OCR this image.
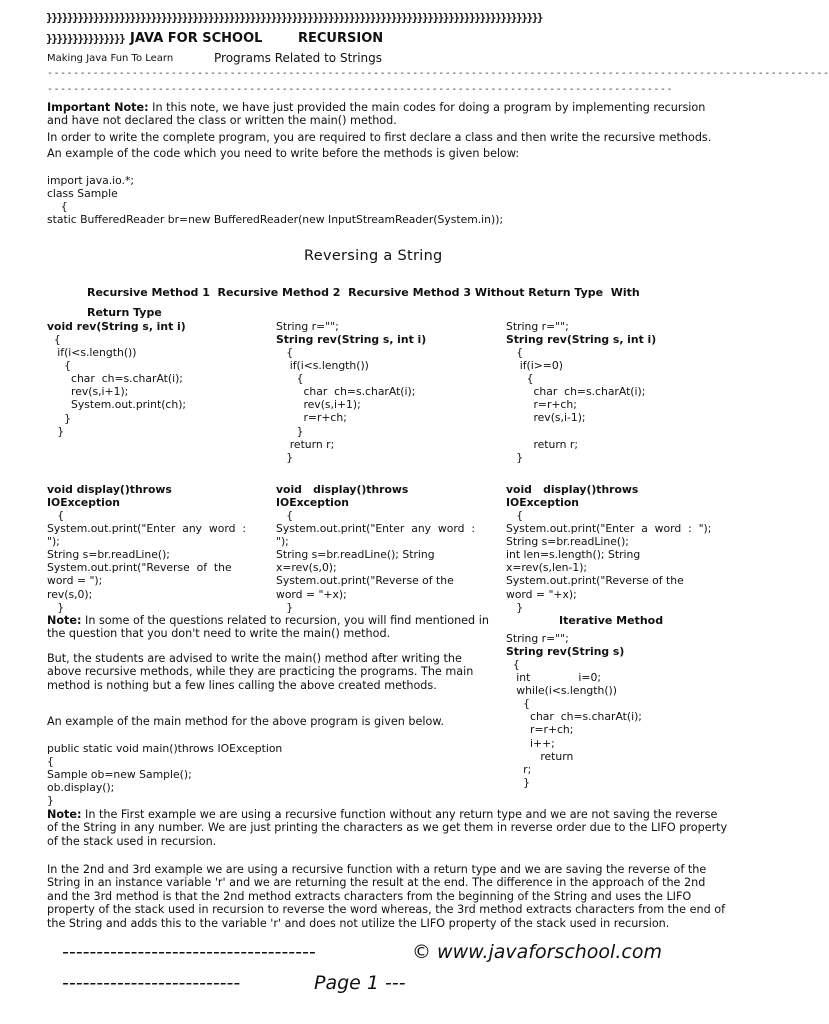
}}}}}}}}}}}}}}}}}}}}}}}}}}}}}}}}}}}}}}}}}}}}}}}}}}}}}}}}}}}}}}}}}}}}}}}}}}}}}}}}}}}}}}}}}}}}}}}
}}}}}}}}}}}}}}} JAVA FOR SCHOOL	RECURSION
Making Java Fun To Learn	Programs Related to Strings
------------------------------------------------------------------------------------------------------------------------
------------------------------------------------------------------------------------------------
Important Note: In this note, we have just provided the main codes for doing a program by implementing recursion and have not declared the class or written the main() method.
In order to write the complete program, you are required to first declare a class and then write the recursive methods.
An example of the code which you need to write before the methods is given below:
import java.io.*;
class Sample
{
static BufferedReader br=new BufferedReader(new InputStreamReader(System.in));
Reversing a String
Recursive Method 1  Recursive Method 2  Recursive Method 3 Without Return Type  With
Return Type
void rev(String s, int i)
{
if(i<s.length())
{
char  ch=s.charAt(i);
rev(s,i+1);
System.out.print(ch);
}
}
void display()throws
IOException
{
System.out.print("Enter  any  word  :
");
String s=br.readLine();
System.out.print("Reverse  of  the
word = ");
rev(s,0);
}
String r="";
String rev(String s, int i)
{
if(i<s.length())
{
char  ch=s.charAt(i);
rev(s,i+1);
r=r+ch;
}
return r;
}
void   display()throws
IOException
{
System.out.print("Enter  any  word  :
");
String s=br.readLine(); String
x=rev(s,0);
System.out.print("Reverse of the
word = "+x);
}
String r="";
String rev(String s, int i)
{
if(i>=0)
{
char  ch=s.charAt(i);
r=r+ch;
rev(s,i-1);

return r;
}
void   display()throws
IOException
{
System.out.print("Enter  a  word  :  ");
String s=br.readLine();
int len=s.length(); String
x=rev(s,len-1);
System.out.print("Reverse of the
word = "+x);
}
Iterative Method
String r="";
String rev(String s)
{
int              i=0;
while(i<s.length())
{
char  ch=s.charAt(i);
r=r+ch;
i++;
return
r;
}
Note: In some of the questions related to recursion, you will find mentioned in the question that you don't need to write the main() method.
But, the students are advised to write the main() method after writing the above recursive methods, while they are practicing the programs. The main method is nothing but a few lines calling the above created methods.
An example of the main method for the above program is given below.
public static void main()throws IOException
{
Sample ob=new Sample();
ob.display();
}
Note: In the First example we are using a recursive function without any return type and we are not saving the reverse of the String in any number. We are just printing the characters as we get them in reverse order due to the LIFO property of the stack used in recursion.
In the 2nd and 3rd example we are using a recursive function with a return type and we are saving the reverse of the String in an instance variable 'r' and we are returning the result at the end. The difference in the approach of the 2nd and the 3rd method is that the 2nd method extracts characters from the beginning of the String and uses the LIFO property of the stack used in recursion to reverse the word whereas, the 3rd method extracts characters from the end of the String and adds this to the variable 'r' and does not utilize the LIFO property of the stack used in recursion.
-------------------------------------	© www.javaforschool.com
--------------------------	Page 1 ---
